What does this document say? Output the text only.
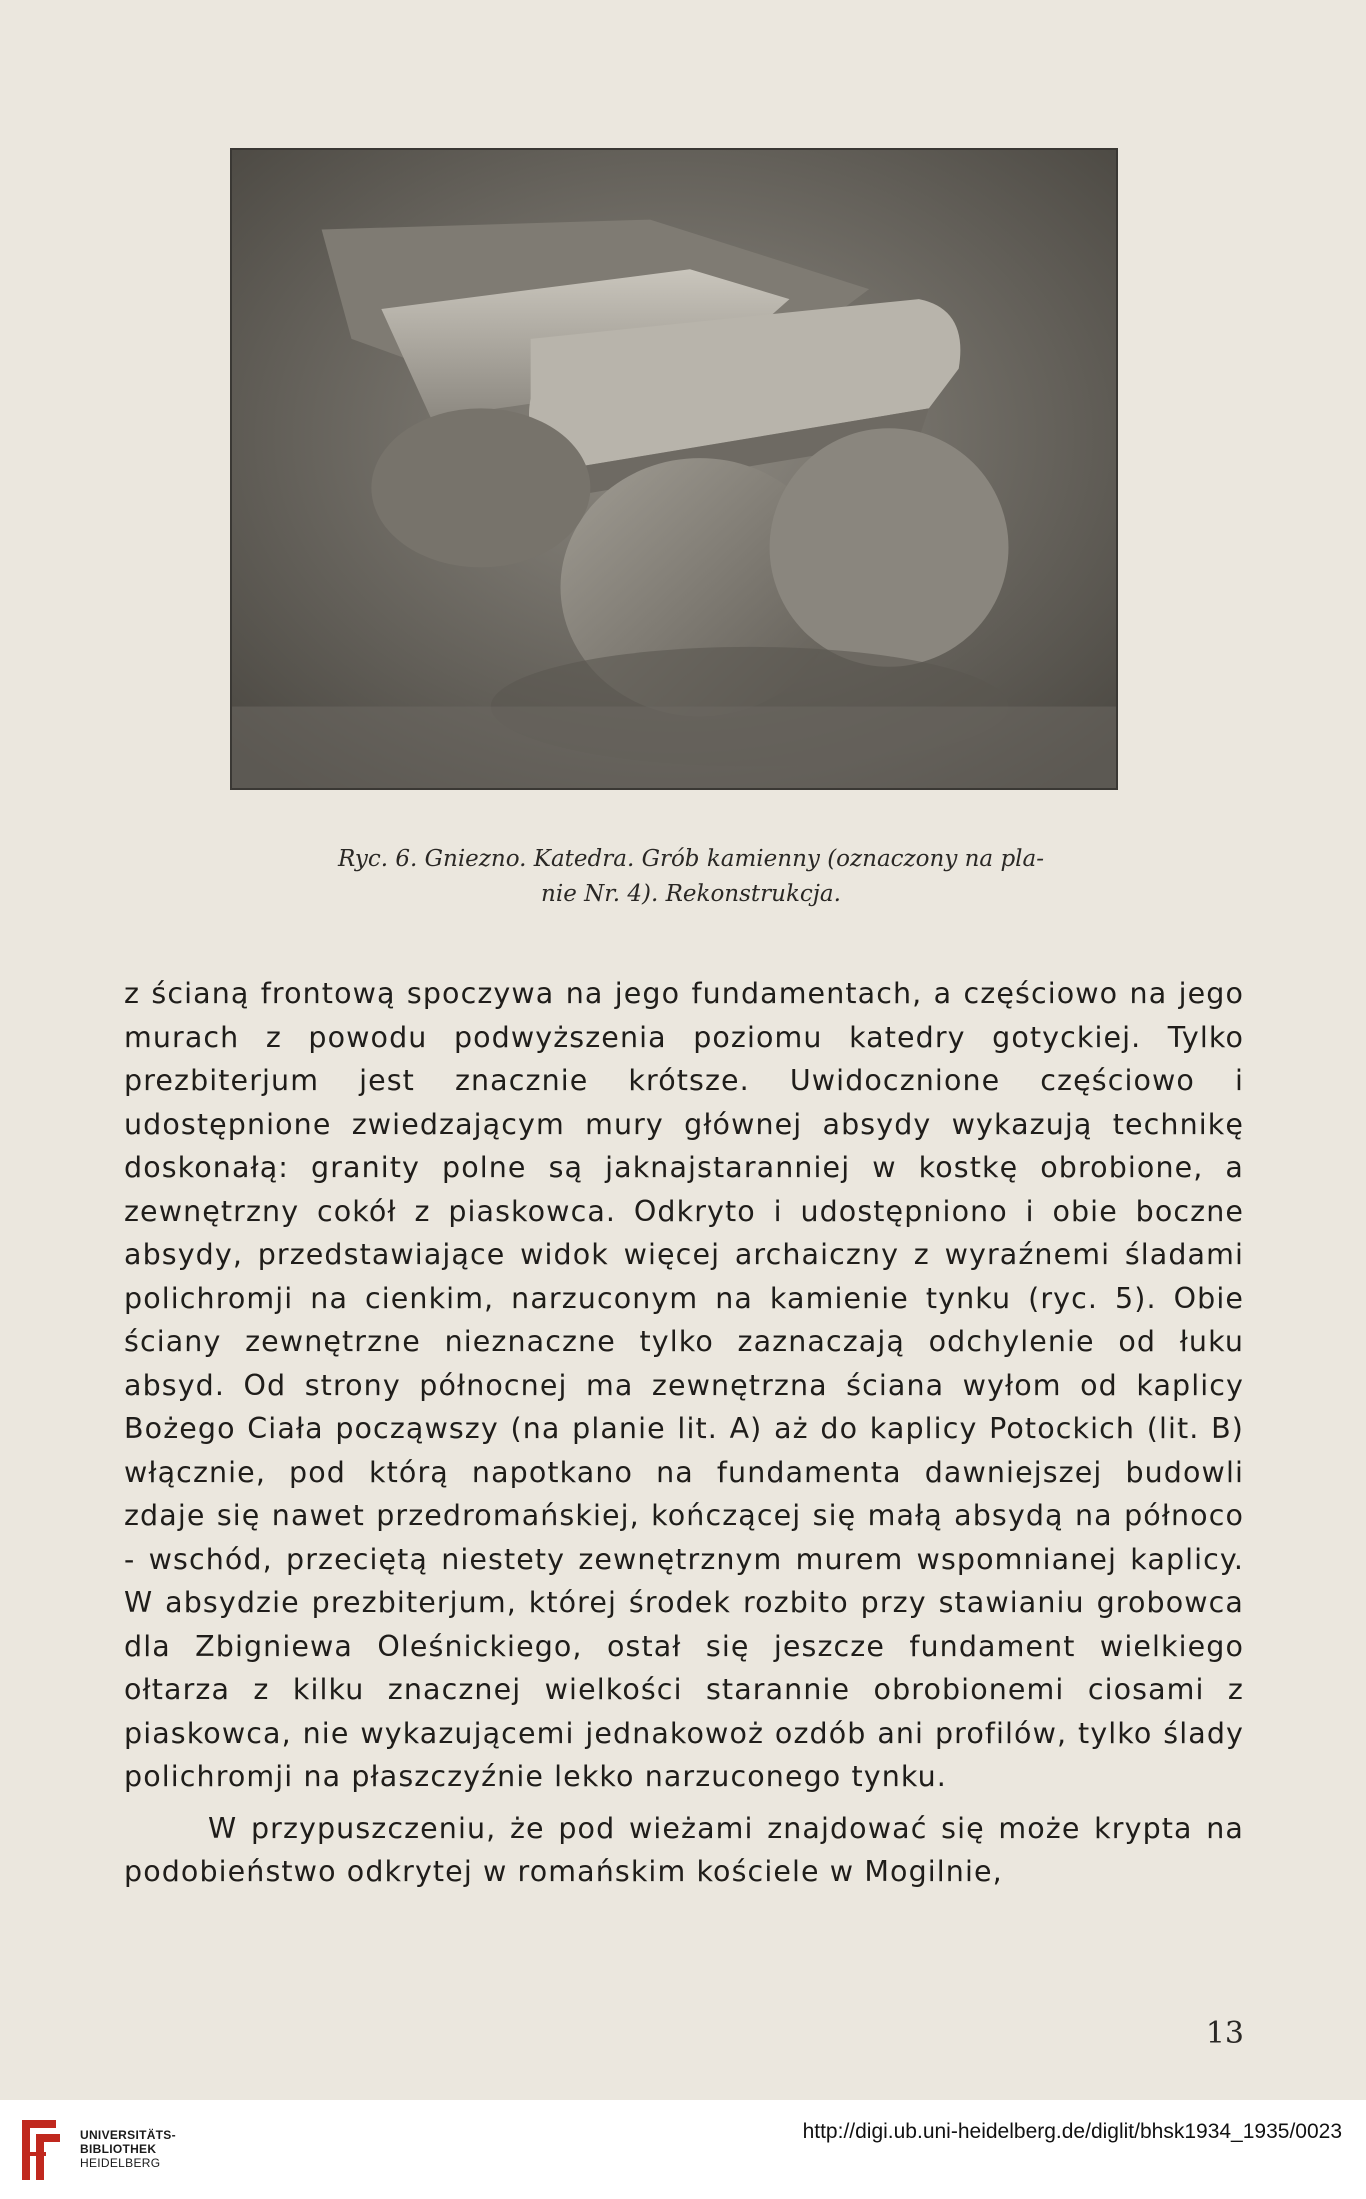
Ryc. 6. Gniezno. Katedra. Grób kamienny (oznaczony na pla-
nie Nr. 4). Rekonstrukcja.

z ścianą frontową spoczywa na jego fundamentach, a częściowo na jego murach z powodu podwyższenia poziomu katedry gotyckiej. Tylko prezbiterjum jest znacznie krótsze. Uwidocznione częściowo i udostępnione zwiedzającym mury głównej absydy wykazują technikę doskonałą: granity polne są jaknajstaranniej w kostkę obrobione, a zewnętrzny cokół z piaskowca. Odkryto i udostępniono i obie boczne absydy, przedstawiające widok więcej archaiczny z wyraźnemi śladami polichromji na cienkim, narzuconym na kamienie tynku (ryc. 5). Obie ściany zewnętrzne nieznaczne tylko zaznaczają odchylenie od łuku absyd. Od strony północnej ma zewnętrzna ściana wyłom od kaplicy Bożego Ciała począwszy (na planie lit. A) aż do kaplicy Potockich (lit. B) włącznie, pod którą napotkano na fundamenta dawniejszej budowli zdaje się nawet przedromańskiej, kończącej się małą absydą na północo - wschód, przeciętą niestety zewnętrznym murem wspomnianej kaplicy. W absydzie prezbiterjum, której środek rozbito przy stawianiu grobowca dla Zbigniewa Oleśnickiego, ostał się jeszcze fundament wielkiego ołtarza z kilku znacznej wielkości starannie obrobionemi ciosami z piaskowca, nie wykazującemi jednakowoż ozdób ani profilów, tylko ślady polichromji na płaszczyźnie lekko narzuconego tynku.

W przypuszczeniu, że pod wieżami znajdować się może krypta na podobieństwo odkrytej w romańskim kościele w Mogilnie,

13
UNIVERSITÄTS-
BIBLIOTHEK
HEIDELBERG
http://digi.ub.uni-heidelberg.de/diglit/bhsk1934_1935/0023
